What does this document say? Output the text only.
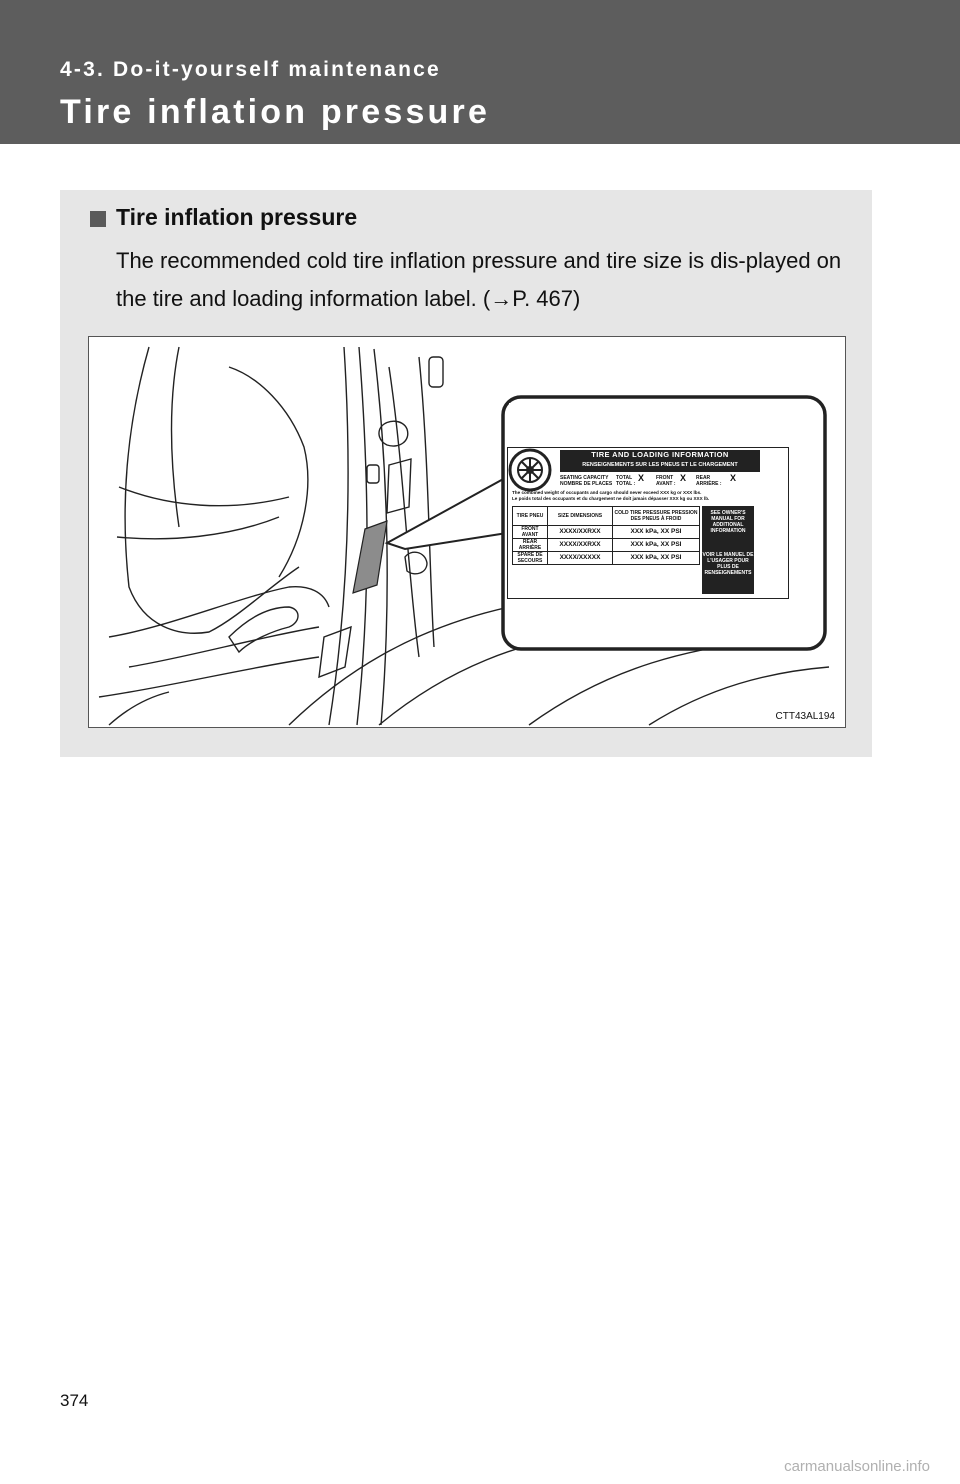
4-3. Do-it-yourself maintenance
Tire inflation pressure
Tire inflation pressure
The recommended cold tire inflation pressure and tire size is dis-played on the tire and loading information label. (→P. 467)
TIRE AND LOADING INFORMATION
RENSEIGNEMENTS SUR LES PNEUS ET LE CHARGEMENT
SEATING CAPACITY
NOMBRE DE PLACES
TOTAL
TOTAL :
X FRONT
AVANT :
X REAR
ARRIÈRE :
X
The combined weight of occupants and cargo should never exceed XXX kg or XXX lbs.
Le poids total des occupants et du chargement ne doit jamais dépasser XXX kg ou XXX lb.
TIRE PNEU	SIZE DIMENSIONS	COLD TIRE PRESSURE PRESSION DES PNEUS À FROID
FRONT AVANT	XXXX/XXRXX	XXX kPa, XX PSI
REAR ARRIÈRE	XXXX/XXRXX	XXX kPa, XX PSI
SPARE DE SECOURS	XXXX/XXXXX	XXX kPa, XX PSI
SEE OWNER'S MANUAL FOR ADDITIONAL INFORMATION
VOIR LE MANUEL DE L'USAGER POUR PLUS DE RENSEIGNEMENTS
CTT43AL194
374
carmanualsonline.info
